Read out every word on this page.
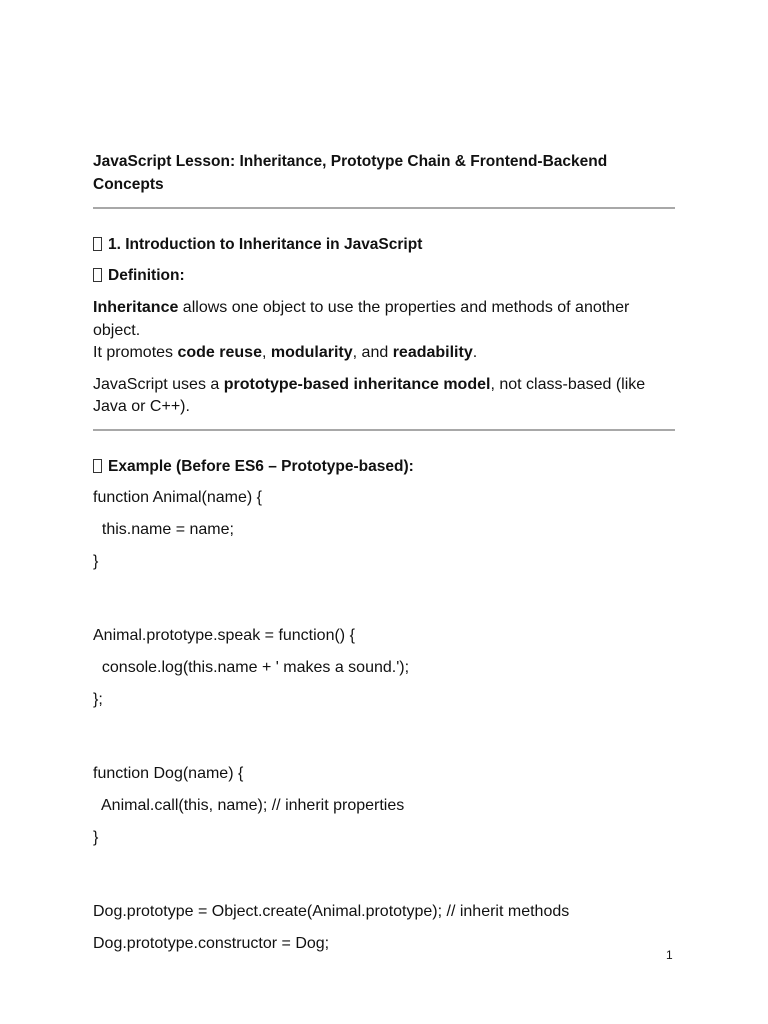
JavaScript Lesson: Inheritance, Prototype Chain & Frontend-Backend Concepts
1. Introduction to Inheritance in JavaScript
Definition:

Inheritance allows one object to use the properties and methods of another object.
It promotes code reuse, modularity, and readability.

JavaScript uses a prototype-based inheritance model, not class-based (like Java or C++).

Example (Before ES6 – Prototype-based):
function Animal(name) {
this.name = name;
}
Animal.prototype.speak = function() {
console.log(this.name + ' makes a sound.');
};
function Dog(name) {
Animal.call(this, name); // inherit properties
}
Dog.prototype = Object.create(Animal.prototype); // inherit methods
Dog.prototype.constructor = Dog;
1
